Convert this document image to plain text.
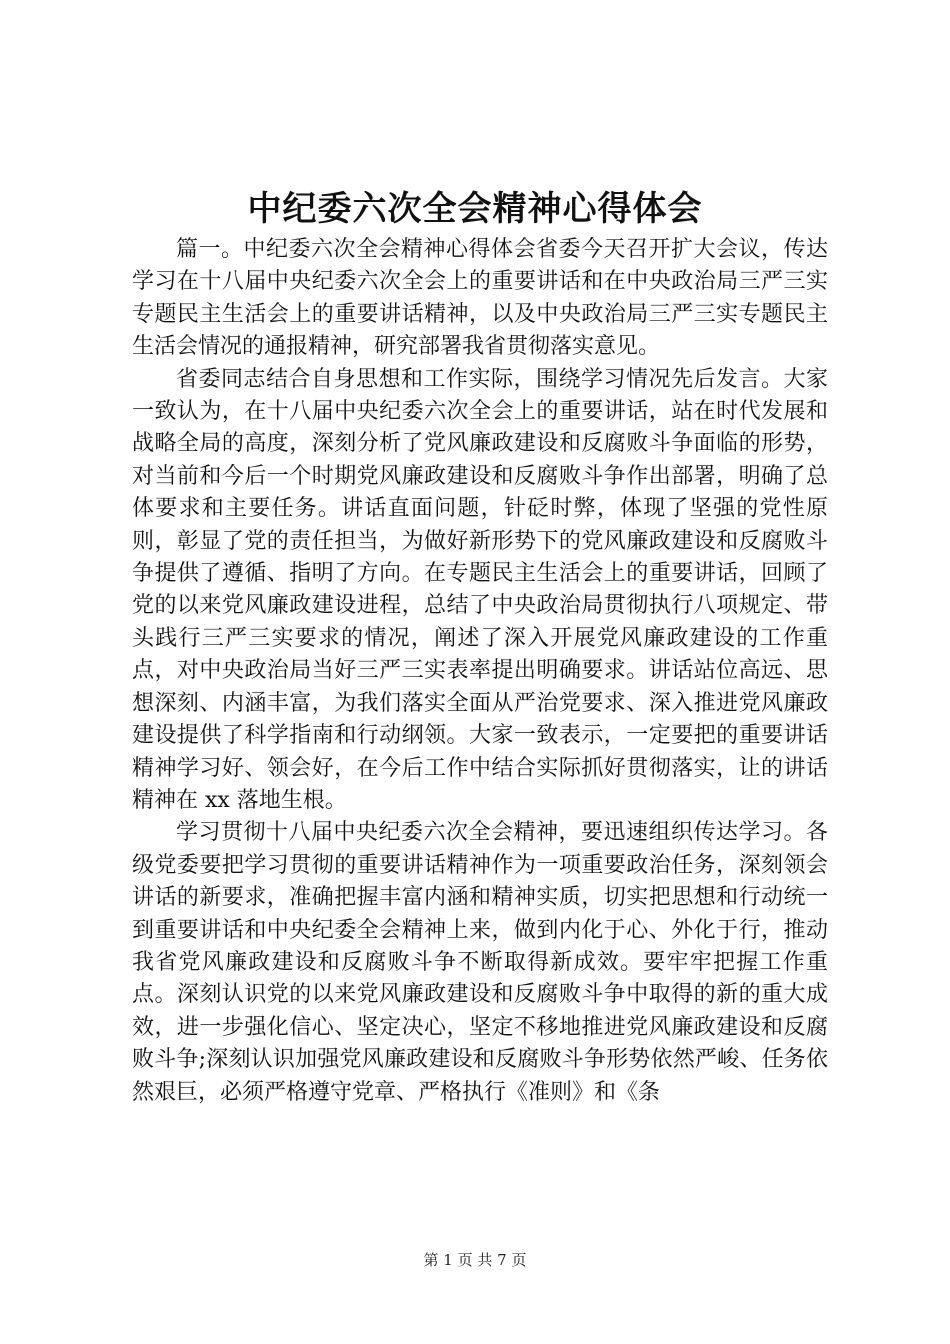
中纪委六次全会精神心得体会

篇一。中纪委六次全会精神心得体会省委今天召开扩大会议，传达学习在十八届中央纪委六次全会上的重要讲话和在中央政治局三严三实专题民主生活会上的重要讲话精神，以及中央政治局三严三实专题民主生活会情况的通报精神，研究部署我省贯彻落实意见。

省委同志结合自身思想和工作实际，围绕学习情况先后发言。大家一致认为，在十八届中央纪委六次全会上的重要讲话，站在时代发展和战略全局的高度，深刻分析了党风廉政建设和反腐败斗争面临的形势，对当前和今后一个时期党风廉政建设和反腐败斗争作出部署，明确了总体要求和主要任务。讲话直面问题，针砭时弊，体现了坚强的党性原则，彰显了党的责任担当，为做好新形势下的党风廉政建设和反腐败斗争提供了遵循、指明了方向。在专题民主生活会上的重要讲话，回顾了党的以来党风廉政建设进程，总结了中央政治局贯彻执行八项规定、带头践行三严三实要求的情况，阐述了深入开展党风廉政建设的工作重点，对中央政治局当好三严三实表率提出明确要求。讲话站位高远、思想深刻、内涵丰富，为我们落实全面从严治党要求、深入推进党风廉政建设提供了科学指南和行动纲领。大家一致表示，一定要把的重要讲话精神学习好、领会好，在今后工作中结合实际抓好贯彻落实，让的讲话精神在 xx 落地生根。

学习贯彻十八届中央纪委六次全会精神，要迅速组织传达学习。各级党委要把学习贯彻的重要讲话精神作为一项重要政治任务，深刻领会讲话的新要求，准确把握丰富内涵和精神实质，切实把思想和行动统一到重要讲话和中央纪委全会精神上来，做到内化于心、外化于行，推动我省党风廉政建设和反腐败斗争不断取得新成效。要牢牢把握工作重点。深刻认识党的以来党风廉政建设和反腐败斗争中取得的新的重大成效，进一步强化信心、坚定决心，坚定不移地推进党风廉政建设和反腐败斗争;深刻认识加强党风廉政建设和反腐败斗争形势依然严峻、任务依然艰巨，必须严格遵守党章、严格执行《准则》和《条

第 1 页 共 7 页
